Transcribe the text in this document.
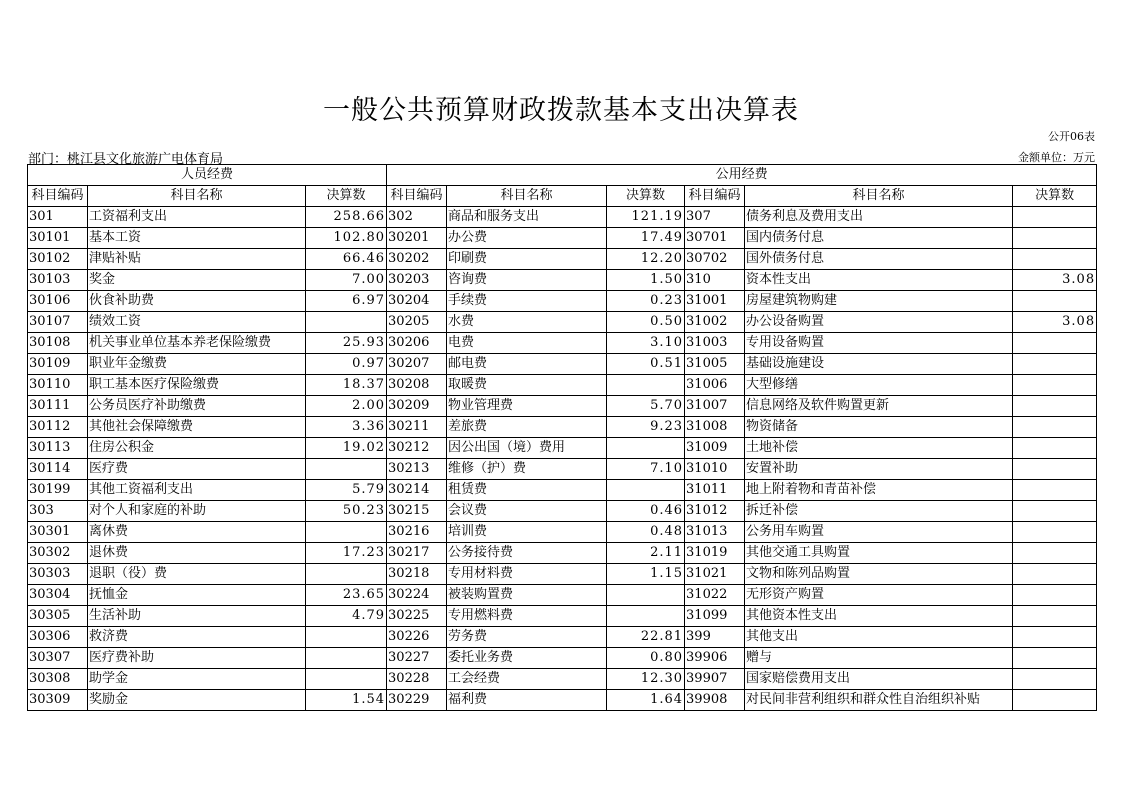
一般公共预算财政拨款基本支出决算表
公开06表
部门：桃江县文化旅游广电体育局	金额单位：万元
人员经费			公用经费					
科目编码	科目名称	决算数	科目编码	科目名称	决算数	科目编码	科目名称	决算数
301	工资福利支出	258.66	302	商品和服务支出	121.19	307	债务利息及费用支出	
30101	基本工资	102.80	30201	办公费	17.49	30701	国内债务付息	
30102	津贴补贴	66.46	30202	印刷费	12.20	30702	国外债务付息	
30103	奖金	7.00	30203	咨询费	1.50	310	资本性支出	3.08
30106	伙食补助费	6.97	30204	手续费	0.23	31001	房屋建筑物购建	
30107	绩效工资		30205	水费	0.50	31002	办公设备购置	3.08
30108	机关事业单位基本养老保险缴费	25.93	30206	电费	3.10	31003	专用设备购置	
30109	职业年金缴费	0.97	30207	邮电费	0.51	31005	基础设施建设	
30110	职工基本医疗保险缴费	18.37	30208	取暖费		31006	大型修缮	
30111	公务员医疗补助缴费	2.00	30209	物业管理费	5.70	31007	信息网络及软件购置更新	
30112	其他社会保障缴费	3.36	30211	差旅费	9.23	31008	物资储备	
30113	住房公积金	19.02	30212	因公出国（境）费用		31009	土地补偿	
30114	医疗费		30213	维修（护）费	7.10	31010	安置补助	
30199	其他工资福利支出	5.79	30214	租赁费		31011	地上附着物和青苗补偿	
303	对个人和家庭的补助	50.23	30215	会议费	0.46	31012	拆迁补偿	
30301	离休费		30216	培训费	0.48	31013	公务用车购置	
30302	退休费	17.23	30217	公务接待费	2.11	31019	其他交通工具购置	
30303	退职（役）费		30218	专用材料费	1.15	31021	文物和陈列品购置	
30304	抚恤金	23.65	30224	被装购置费		31022	无形资产购置	
30305	生活补助	4.79	30225	专用燃料费		31099	其他资本性支出	
30306	救济费		30226	劳务费	22.81	399	其他支出	
30307	医疗费补助		30227	委托业务费	0.80	39906	赠与	
30308	助学金		30228	工会经费	12.30	39907	国家赔偿费用支出	
30309	奖励金	1.54	30229	福利费	1.64	39908	对民间非营利组织和群众性自治组织补贴	
